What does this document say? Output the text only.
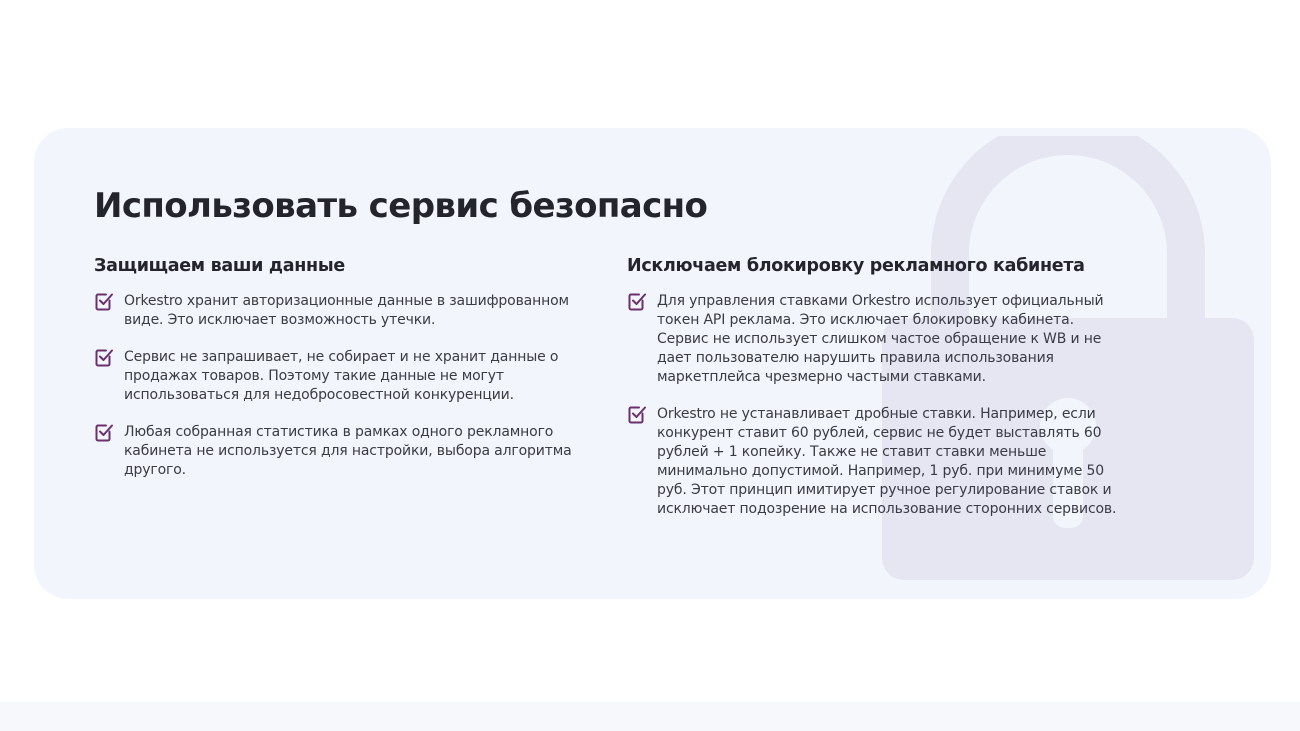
Использовать сервис безопасно
Защищаем ваши данные
Orkestro хранит авторизационные данные в зашифрованном виде. Это исключает возможность утечки.
Сервис не запрашивает, не собирает и не хранит данные о продажах товаров. Поэтому такие данные не могут использоваться для недобросовестной конкуренции.
Любая собранная статистика в рамках одного рекламного кабинета не используется для настройки, выбора алгоритма другого.
Исключаем блокировку рекламного кабинета
Для управления ставками Orkestro использует официальный токен API реклама. Это исключает блокировку кабинета. Сервис не использует слишком частое обращение к WB и не дает пользователю нарушить правила использования маркетплейса чрезмерно частыми ставками.
Orkestro не устанавливает дробные ставки. Например, если конкурент ставит 60 рублей, сервис не будет выставлять 60 рублей + 1 копейку. Также не ставит ставки меньше минимально допустимой. Например, 1 руб. при минимуме 50 руб. Этот принцип имитирует ручное регулирование ставок и исключает подозрение на использование сторонних сервисов.
